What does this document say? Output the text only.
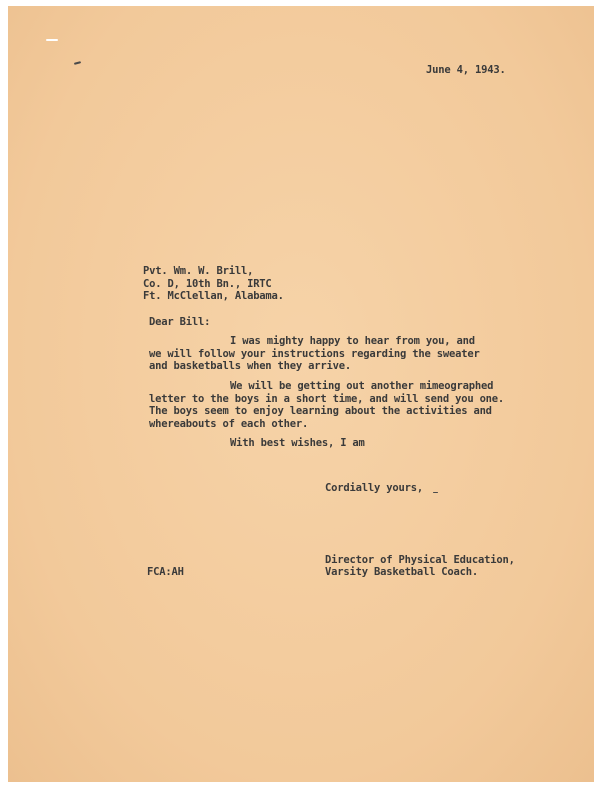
June 4, 1943.
Pvt. Wm. W. Brill,
Co. D, 10th Bn., IRTC
Ft. McClellan, Alabama.
Dear Bill:
I was mighty happy to hear from you, and
we will follow your instructions regarding the sweater
and basketballs when they arrive.
We will be getting out another mimeographed
letter to the boys in a short time, and will send you one.
The boys seem to enjoy learning about the activities and
whereabouts of each other.
With best wishes, I am
Cordially yours,
FCA:AH
Director of Physical Education,
Varsity Basketball Coach.
